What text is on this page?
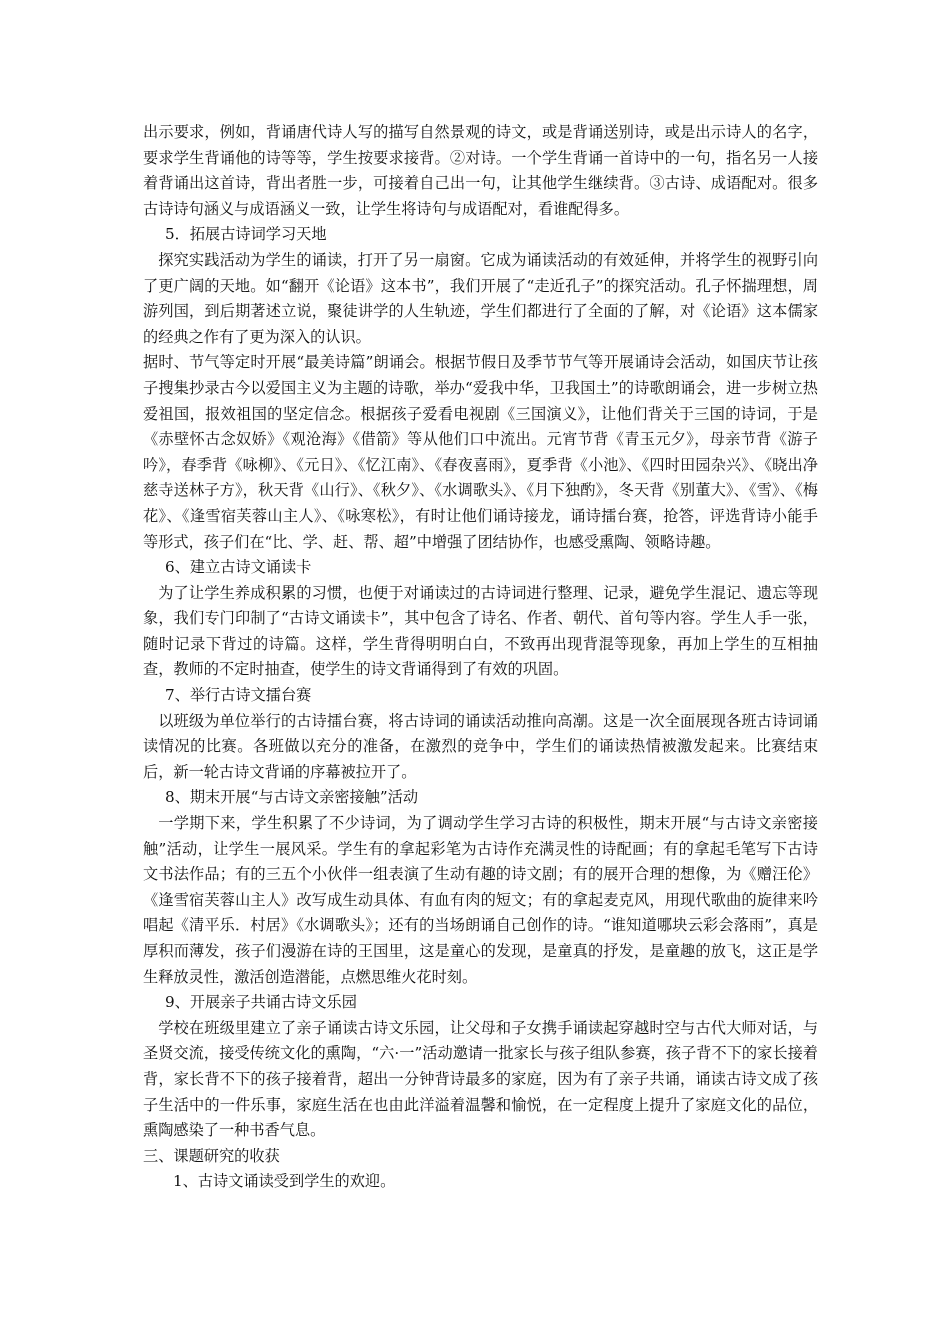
出示要求，例如，背诵唐代诗人写的描写自然景观的诗文，或是背诵送别诗，或是出示诗人的名字，要求学生背诵他的诗等等，学生按要求接背。②对诗。一个学生背诵一首诗中的一句，指名另一人接着背诵出这首诗，背出者胜一步，可接着自己出一句，让其他学生继续背。③古诗、成语配对。很多古诗诗句涵义与成语涵义一致，让学生将诗句与成语配对，看谁配得多。

5．拓展古诗词学习天地

探究实践活动为学生的诵读，打开了另一扇窗。它成为诵读活动的有效延伸，并将学生的视野引向了更广阔的天地。如“翻开《论语》这本书”，我们开展了“走近孔子”的探究活动。孔子怀揣理想，周游列国，到后期著述立说，聚徒讲学的人生轨迹，学生们都进行了全面的了解，对《论语》这本儒家的经典之作有了更为深入的认识。

据时、节气等定时开展“最美诗篇”朗诵会。根据节假日及季节节气等开展诵诗会活动，如国庆节让孩子搜集抄录古今以爱国主义为主题的诗歌，举办“爱我中华，卫我国土”的诗歌朗诵会，进一步树立热爱祖国，报效祖国的坚定信念。根据孩子爱看电视剧《三国演义》，让他们背关于三国的诗词，于是《赤壁怀古念奴娇》《观沧海》《借箭》等从他们口中流出。元宵节背《青玉元夕》，母亲节背《游子吟》，春季背《咏柳》、《元日》、《忆江南》、《春夜喜雨》，夏季背《小池》、《四时田园杂兴》、《晓出净慈寺送林子方》，秋天背《山行》、《秋夕》、《水调歌头》、《月下独酌》，冬天背《别董大》、《雪》、《梅花》、《逢雪宿芙蓉山主人》、《咏寒松》，有时让他们诵诗接龙，诵诗擂台赛，抢答，评选背诗小能手等形式，孩子们在“比、学、赶、帮、超”中增强了团结协作，也感受熏陶、领略诗趣。

6、建立古诗文诵读卡

为了让学生养成积累的习惯，也便于对诵读过的古诗词进行整理、记录，避免学生混记、遗忘等现象，我们专门印制了“古诗文诵读卡”，其中包含了诗名、作者、朝代、首句等内容。学生人手一张，随时记录下背过的诗篇。这样，学生背得明明白白，不致再出现背混等现象，再加上学生的互相抽查，教师的不定时抽查，使学生的诗文背诵得到了有效的巩固。

7、举行古诗文擂台赛

以班级为单位举行的古诗擂台赛，将古诗词的诵读活动推向高潮。这是一次全面展现各班古诗词诵读情况的比赛。各班做以充分的准备，在激烈的竞争中，学生们的诵读热情被激发起来。比赛结束后，新一轮古诗文背诵的序幕被拉开了。

8、期末开展“与古诗文亲密接触”活动

一学期下来，学生积累了不少诗词，为了调动学生学习古诗的积极性，期末开展“与古诗文亲密接触”活动，让学生一展风采。学生有的拿起彩笔为古诗作充满灵性的诗配画；有的拿起毛笔写下古诗文书法作品；有的三五个小伙伴一组表演了生动有趣的诗文剧；有的展开合理的想像，为《赠汪伦》《逢雪宿芙蓉山主人》改写成生动具体、有血有肉的短文；有的拿起麦克风，用现代歌曲的旋律来吟唱起《清平乐．村居》《水调歌头》；还有的当场朗诵自己创作的诗。“谁知道哪块云彩会落雨”，真是厚积而薄发，孩子们漫游在诗的王国里，这是童心的发现，是童真的抒发，是童趣的放飞，这正是学生释放灵性，激活创造潜能，点燃思维火花时刻。

9、开展亲子共诵古诗文乐园

学校在班级里建立了亲子诵读古诗文乐园，让父母和子女携手诵读起穿越时空与古代大师对话，与圣贤交流，接受传统文化的熏陶，“六·一”活动邀请一批家长与孩子组队参赛，孩子背不下的家长接着背，家长背不下的孩子接着背，超出一分钟背诗最多的家庭，因为有了亲子共诵，诵读古诗文成了孩子生活中的一件乐事，家庭生活在也由此洋溢着温馨和愉悦，在一定程度上提升了家庭文化的品位，熏陶感染了一种书香气息。

三、课题研究的收获

1、古诗文诵读受到学生的欢迎。
